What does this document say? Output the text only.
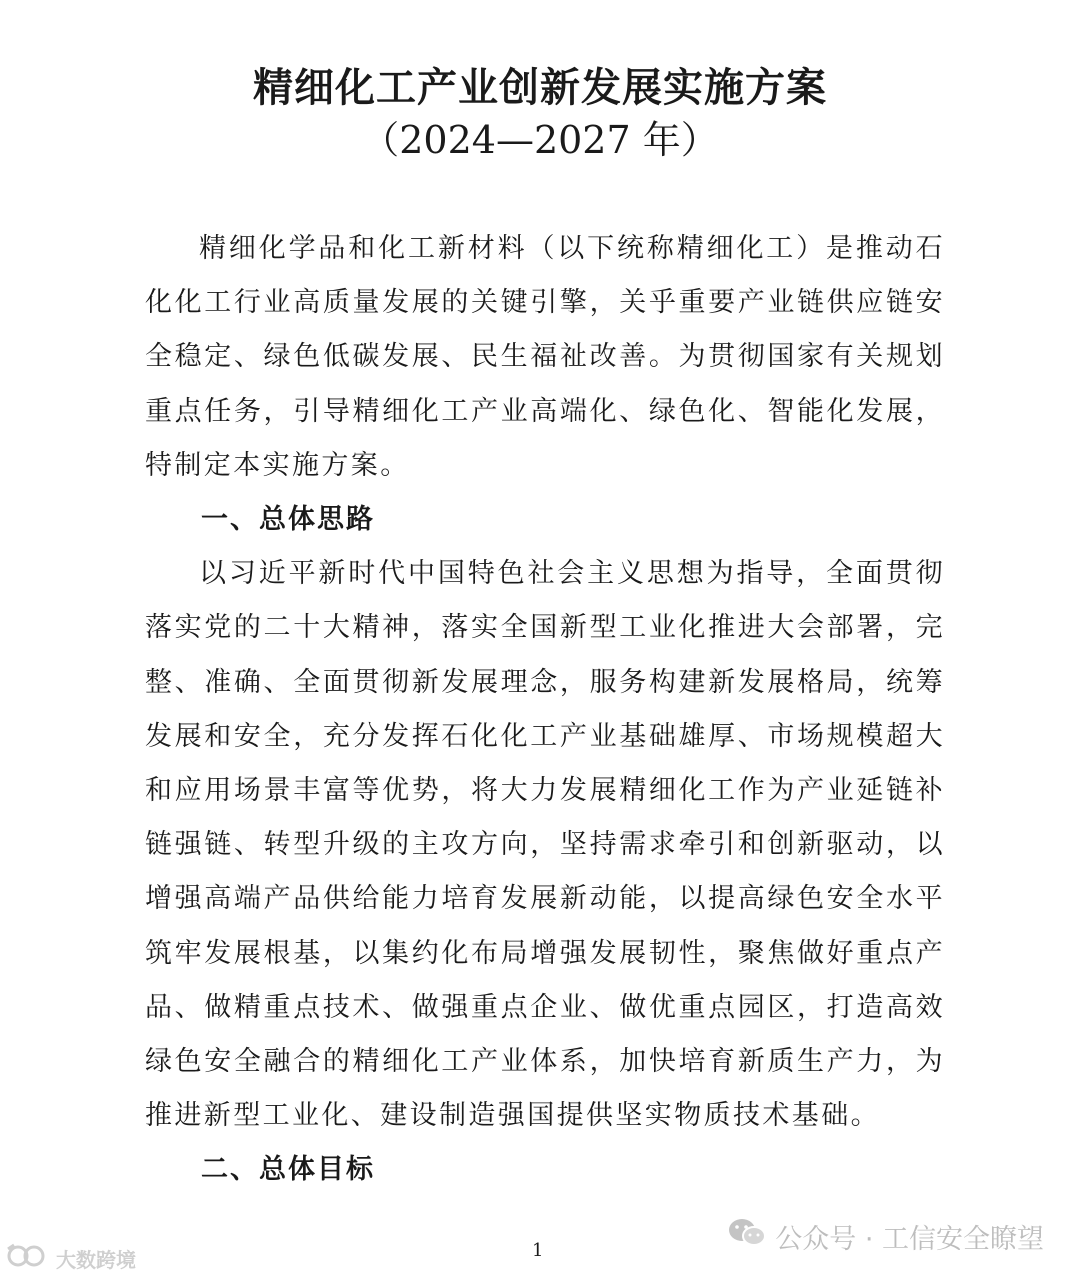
精细化工产业创新发展实施方案
（2024—2027 年）

精细化学品和化工新材料（以下统称精细化工）是推动石化化工行业高质量发展的关键引擎，关乎重要产业链供应链安全稳定、绿色低碳发展、民生福祉改善。为贯彻国家有关规划重点任务，引导精细化工产业高端化、绿色化、智能化发展，特制定本实施方案。

一、总体思路

以习近平新时代中国特色社会主义思想为指导，全面贯彻落实党的二十大精神，落实全国新型工业化推进大会部署，完整、准确、全面贯彻新发展理念，服务构建新发展格局，统筹发展和安全，充分发挥石化化工产业基础雄厚、市场规模超大和应用场景丰富等优势，将大力发展精细化工作为产业延链补链强链、转型升级的主攻方向，坚持需求牵引和创新驱动，以增强高端产品供给能力培育发展新动能，以提高绿色安全水平筑牢发展根基，以集约化布局增强发展韧性，聚焦做好重点产品、做精重点技术、做强重点企业、做优重点园区，打造高效绿色安全融合的精细化工产业体系，加快培育新质生产力，为推进新型工业化、建设制造强国提供坚实物质技术基础。

二、总体目标
1
大数跨境
公众号 · 工信安全瞭望
